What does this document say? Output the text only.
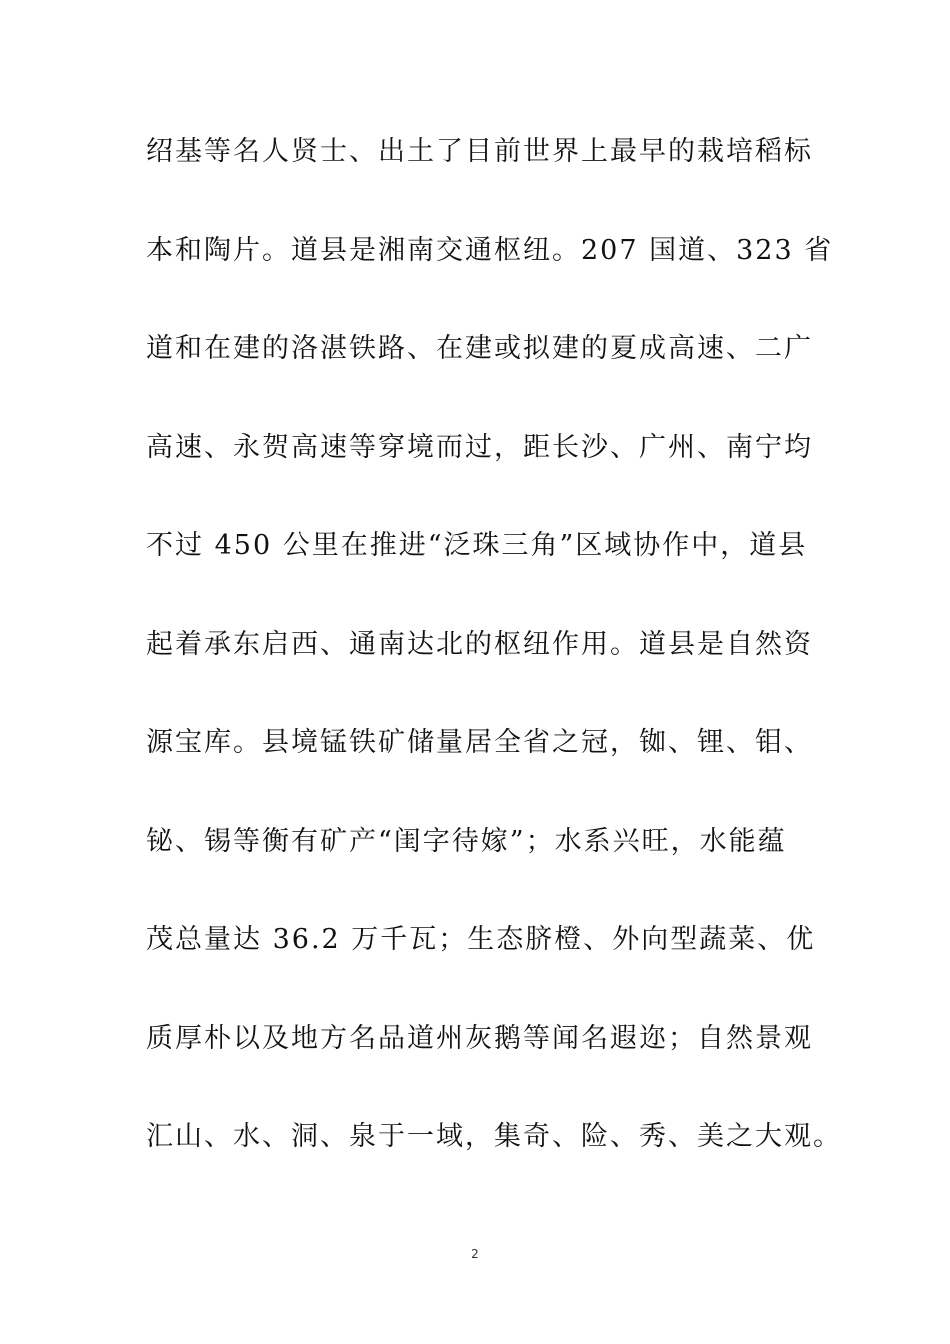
绍基等名人贤士、出土了目前世界上最早的栽培稻标
本和陶片。道县是湘南交通枢纽。207 国道、323 省
道和在建的洛湛铁路、在建或拟建的夏成高速、二广
高速、永贺高速等穿境而过，距长沙、广州、南宁均
不过 450 公里在推进“泛珠三角”区域协作中，道县
起着承东启西、通南达北的枢纽作用。道县是自然资
源宝库。县境锰铁矿储量居全省之冠，铷、锂、钼、
铋、锡等衡有矿产“闺字待嫁”；水系兴旺，水能蕴
茂总量达 36.2 万千瓦；生态脐橙、外向型蔬菜、优
质厚朴以及地方名品道州灰鹅等闻名遐迩；自然景观
汇山、水、洞、泉于一域，集奇、险、秀、美之大观。
2
